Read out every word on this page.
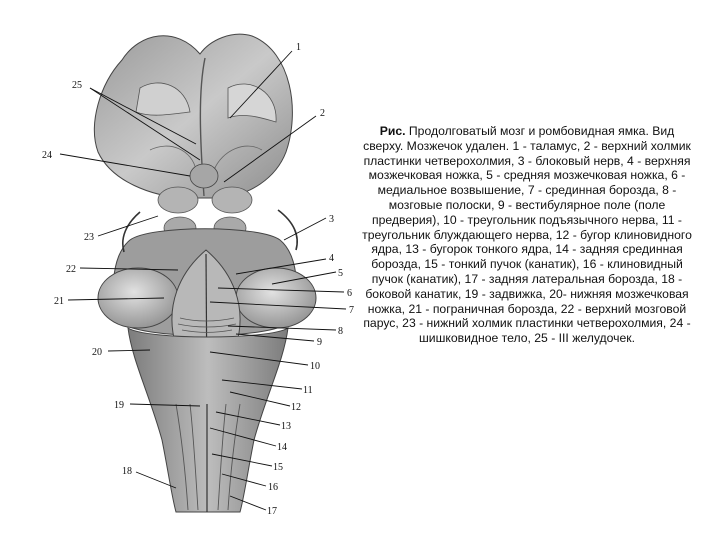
1
2
3
4
5
6
7
8
9
10
11
12
13
14
15
16
17
18
19
20
21
22
23
24
25
Рис. Продолговатый мозг и ромбовидная ямка. Вид сверху. Мозжечок удален. 1 - таламус, 2 - верхний холмик пластинки четверохолмия, 3 - блоковый нерв, 4 - верхняя мозжечковая ножка, 5 - средняя мозжечковая ножка, 6 - медиальное возвышение, 7 - срединная борозда, 8 - мозговые полоски, 9 - вестибулярное поле (поле предверия), 10 - треугольник подъязычного нерва, 11 - треугольник блуждающего нерва, 12 - бугор клиновидного ядра, 13 - бугорок тонкого ядра, 14 - задняя срединная борозда, 15 - тонкий пучок (канатик), 16 - клиновидный пучок (канатик), 17 - задняя латеральная борозда, 18 - боковой канатик, 19 - задвижка, 20- нижняя мозжечковая ножка, 21 - пограничная борозда, 22 - верхний мозговой парус, 23 - нижний холмик пластинки четверохолмия, 24 - шишковидное тело, 25 - III желудочек.
